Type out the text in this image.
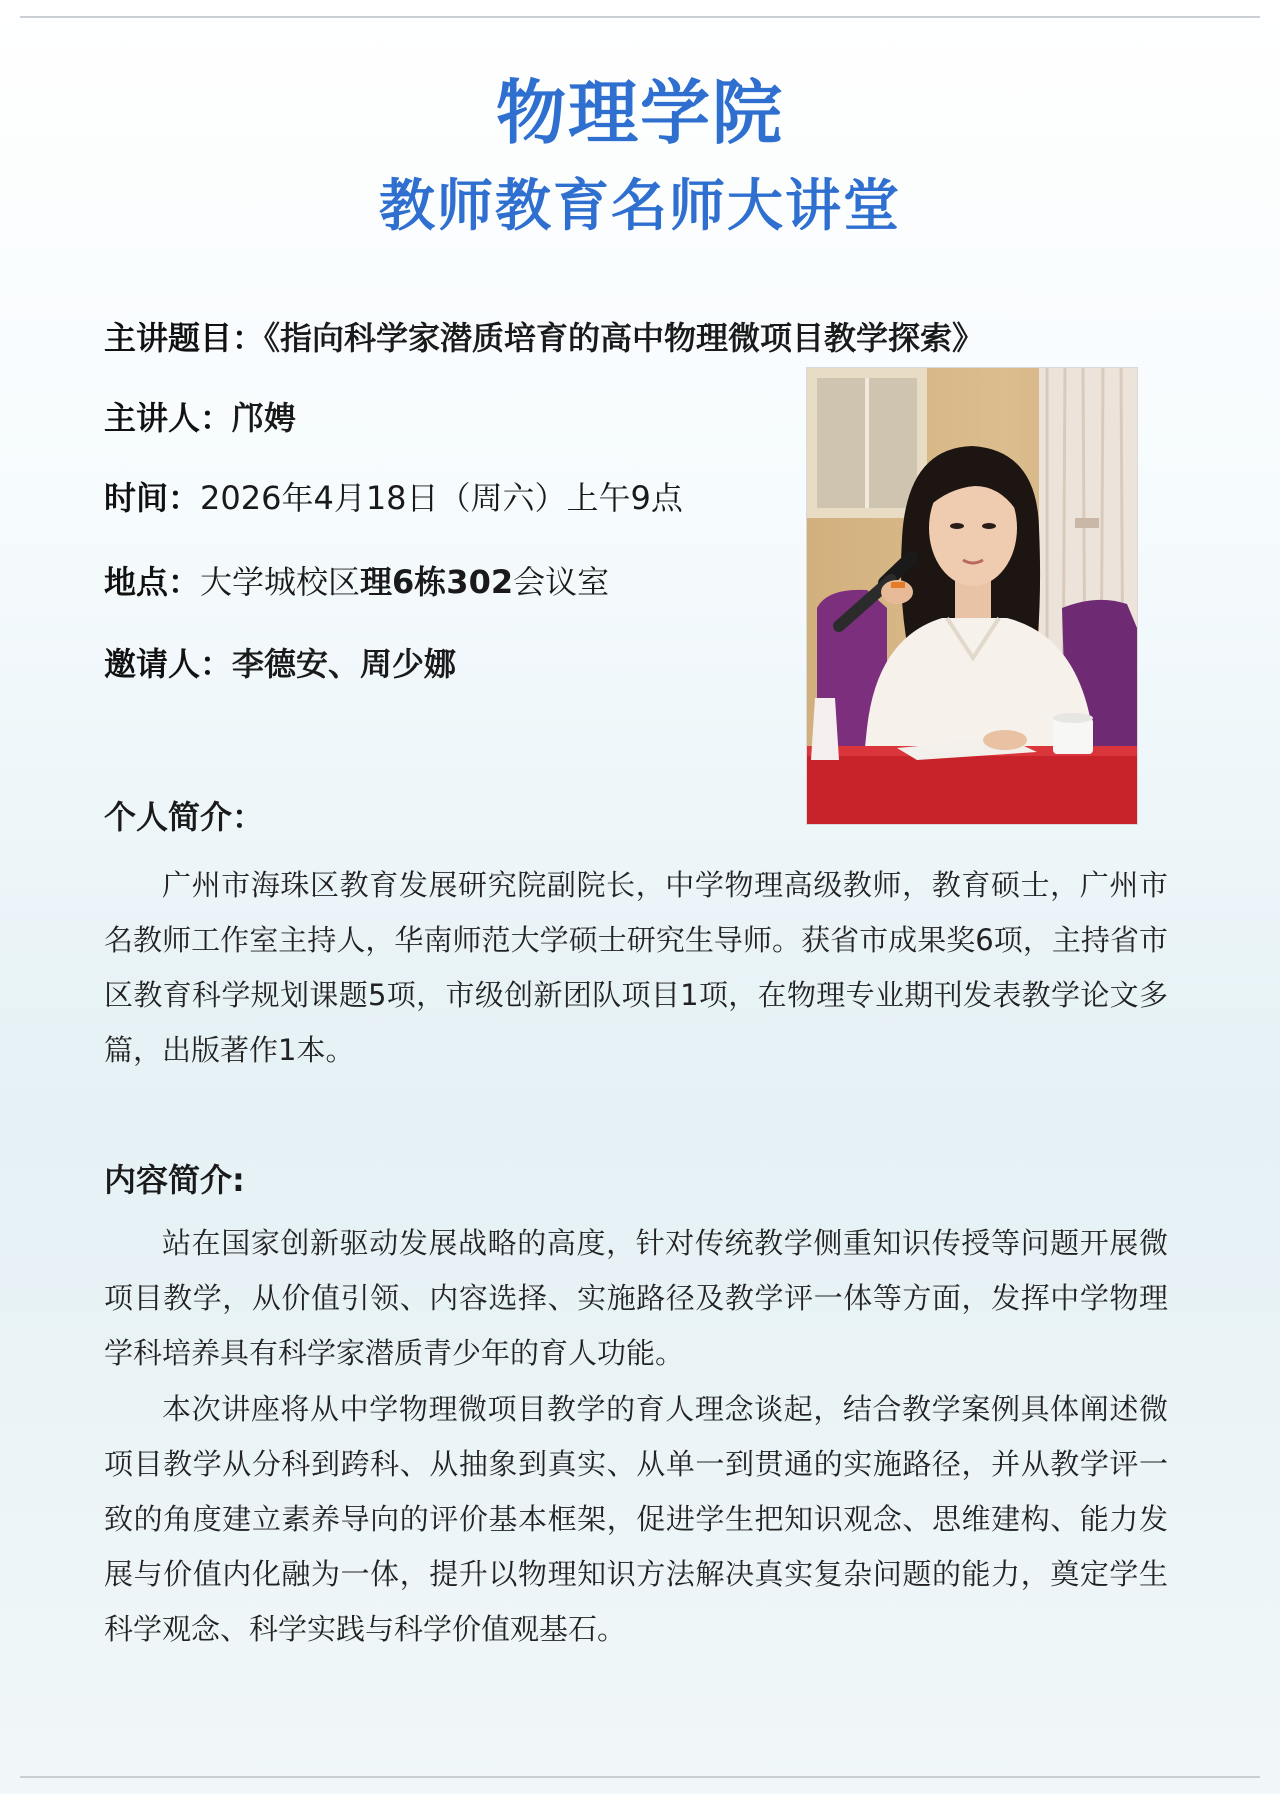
物理学院
教师教育名师大讲堂

主讲题目：《指向科学家潜质培育的高中物理微项目教学探索》

主讲人：邝娉

时间：2026年4月18日（周六）上午9点

地点：大学城校区理6栋302会议室

邀请人：李德安、周少娜

个人简介：

广州市海珠区教育发展研究院副院长，中学物理高级教师，教育硕士，广州市名教师工作室主持人，华南师范大学硕士研究生导师。获省市成果奖6项，主持省市区教育科学规划课题5项，市级创新团队项目1项，在物理专业期刊发表教学论文多篇，出版著作1本。

内容简介:

站在国家创新驱动发展战略的高度，针对传统教学侧重知识传授等问题开展微项目教学，从价值引领、内容选择、实施路径及教学评一体等方面，发挥中学物理学科培养具有科学家潜质青少年的育人功能。

本次讲座将从中学物理微项目教学的育人理念谈起，结合教学案例具体阐述微项目教学从分科到跨科、从抽象到真实、从单一到贯通的实施路径，并从教学评一致的角度建立素养导向的评价基本框架，促进学生把知识观念、思维建构、能力发展与价值内化融为一体，提升以物理知识方法解决真实复杂问题的能力，奠定学生科学观念、科学实践与科学价值观基石。
